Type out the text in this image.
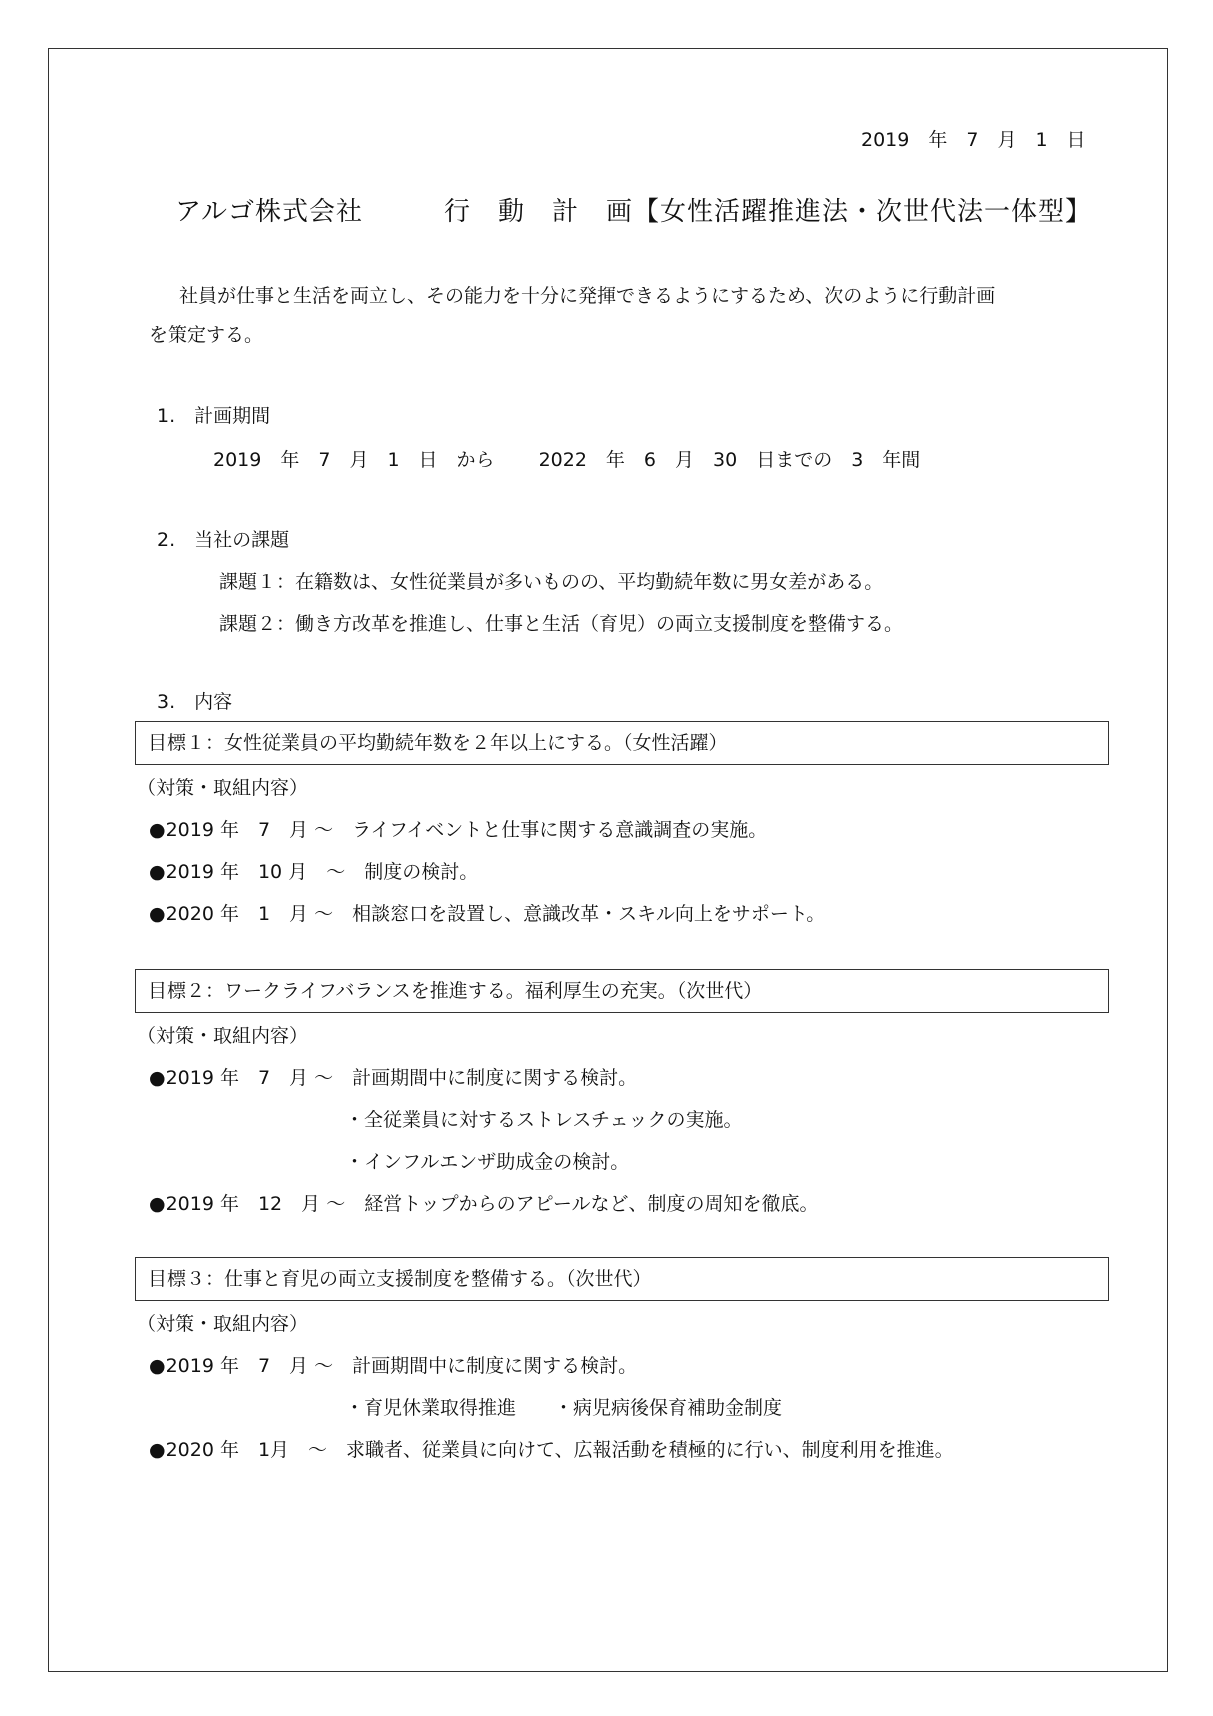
2019　年　7　月　1　日
アルゴ株式会社　　　行　動　計　画【女性活躍推進法・次世代法一体型】
社員が仕事と生活を両立し、その能力を十分に発揮できるようにするため、次のように行動計画
を策定する。
1.　計画期間
2019　年　7　月　1　日　から　　 2022　年　6　月　30　日までの　3　年間
2.　当社の課題
課題１：在籍数は、女性従業員が多いものの、平均勤続年数に男女差がある。
課題２：働き方改革を推進し、仕事と生活（育児）の両立支援制度を整備する。
3.　内容
目標１：女性従業員の平均勤続年数を２年以上にする。（女性活躍）
（対策・取組内容）
●2019 年　7　月 ～　ライフイベントと仕事に関する意識調査の実施。
●2019 年　10 月　～　制度の検討。
●2020 年　1　月 ～　相談窓口を設置し、意識改革・スキル向上をサポート。
目標２：ワークライフバランスを推進する。福利厚生の充実。（次世代）
（対策・取組内容）
●2019 年　7　月 ～　計画期間中に制度に関する検討。
・全従業員に対するストレスチェックの実施。
・インフルエンザ助成金の検討。
●2019 年　12　月 ～　経営トップからのアピールなど、制度の周知を徹底。
目標３：仕事と育児の両立支援制度を整備する。（次世代）
（対策・取組内容）
●2019 年　7　月 ～　計画期間中に制度に関する検討。
・育児休業取得推進　　・病児病後保育補助金制度
●2020 年　1月　～　求職者、従業員に向けて、広報活動を積極的に行い、制度利用を推進。
